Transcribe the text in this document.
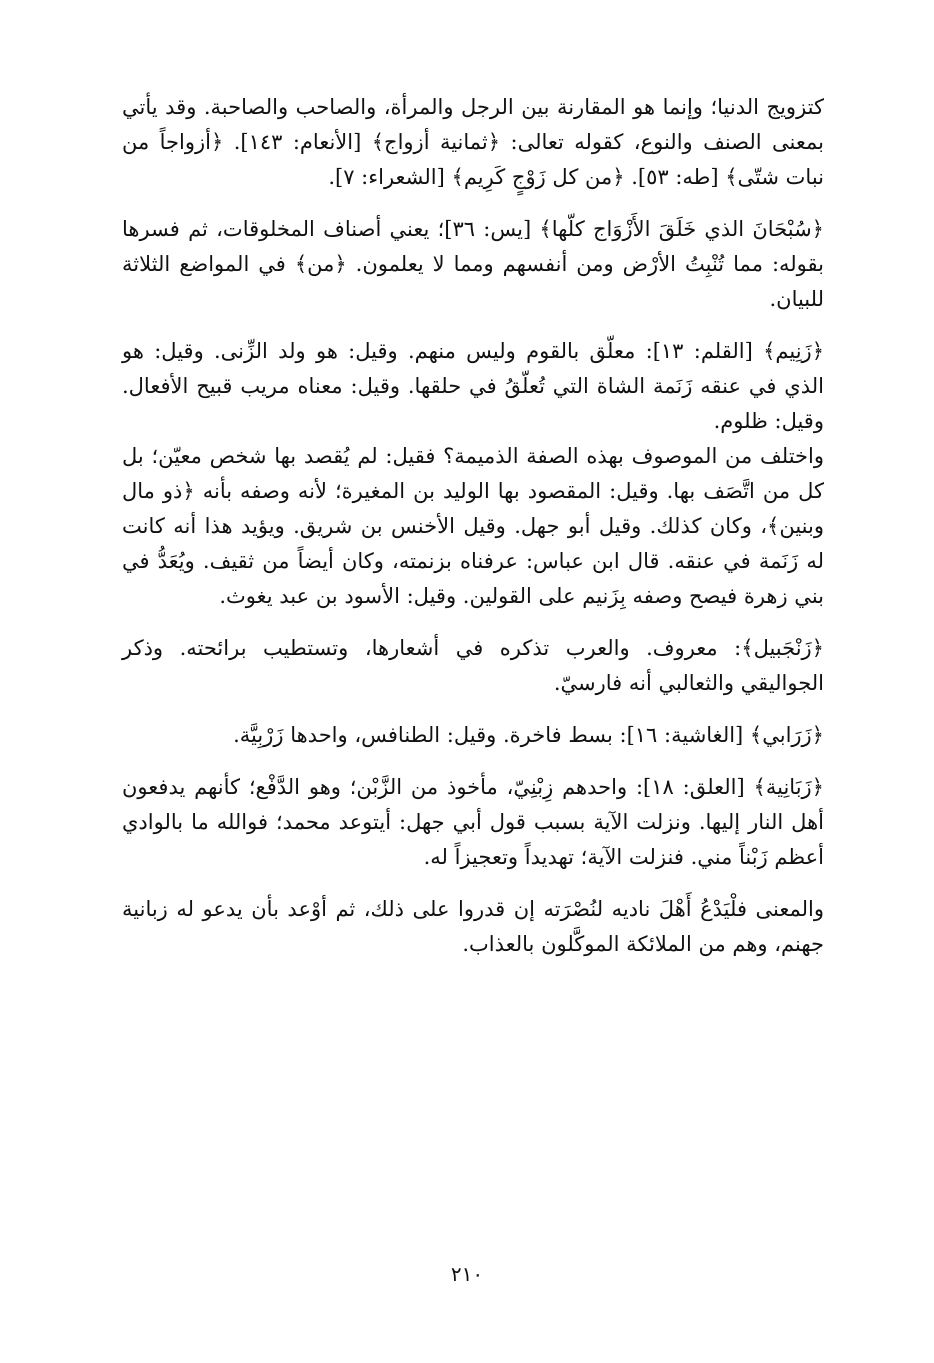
كتزويج الدنيا؛ وإنما هو المقارنة بين الرجل والمرأة، والصاحب والصاحبة. وقد يأتي بمعنى الصنف والنوع، كقوله تعالى: ﴿ثمانية أزواج﴾ [الأنعام: ١٤٣]. ﴿أزواجاً من نبات شتّى﴾ [طه: ٥٣]. ﴿من كل زَوْجٍ كَرِيم﴾ [الشعراء: ٧].

﴿سُبْحَانَ الذي خَلَقَ الأَزْوَاج كلّها﴾ [يس: ٣٦]؛ يعني أصناف المخلوقات، ثم فسرها بقوله: مما تُنْبِتُ الأرْض ومن أنفسهم ومما لا يعلمون. ﴿من﴾ في المواضع الثلاثة للبيان.

﴿زَنِيم﴾ [القلم: ١٣]: معلّق بالقوم وليس منهم. وقيل: هو ولد الزِّنى. وقيل: هو الذي في عنقه زَنَمة الشاة التي تُعلّقُ في حلقها. وقيل: معناه مريب قبيح الأفعال. وقيل: ظلوم.

واختلف من الموصوف بهذه الصفة الذميمة؟ فقيل: لم يُقصد بها شخص معيّن؛ بل كل من اتَّصَف بها. وقيل: المقصود بها الوليد بن المغيرة؛ لأنه وصفه بأنه ﴿ذو مال وبنين﴾، وكان كذلك. وقيل أبو جهل. وقيل الأخنس بن شريق. ويؤيد هذا أنه كانت له زَنَمة في عنقه. قال ابن عباس: عرفناه بزنمته، وكان أيضاً من ثقيف. ويُعَدُّ في بني زهرة فيصح وصفه بِزَنيم على القولين. وقيل: الأسود بن عبد يغوث.

﴿زَنْجَبيل﴾: معروف. والعرب تذكره في أشعارها، وتستطيب برائحته. وذكر الجواليقي والثعالبي أنه فارسيّ.

﴿زَرَابي﴾ [الغاشية: ١٦]: بسط فاخرة. وقيل: الطنافس، واحدها زَرْبِيَّة.

﴿زَبَانِية﴾ [العلق: ١٨]: واحدهم زِبْنِيّ، مأخوذ من الزَّبْن؛ وهو الدَّفْع؛ كأنهم يدفعون أهل النار إليها. ونزلت الآية بسبب قول أبي جهل: أيتوعد محمد؛ فوالله ما بالوادي أعظم زَبْناً مني. فنزلت الآية؛ تهديداً وتعجيزاً له.

والمعنى فلْيَدْعُ أَهْلَ ناديه لنُصْرَته إن قدروا على ذلك، ثم أوْعد بأن يدعو له زبانية جهنم، وهم من الملائكة الموكَّلون بالعذاب.

٢١٠
